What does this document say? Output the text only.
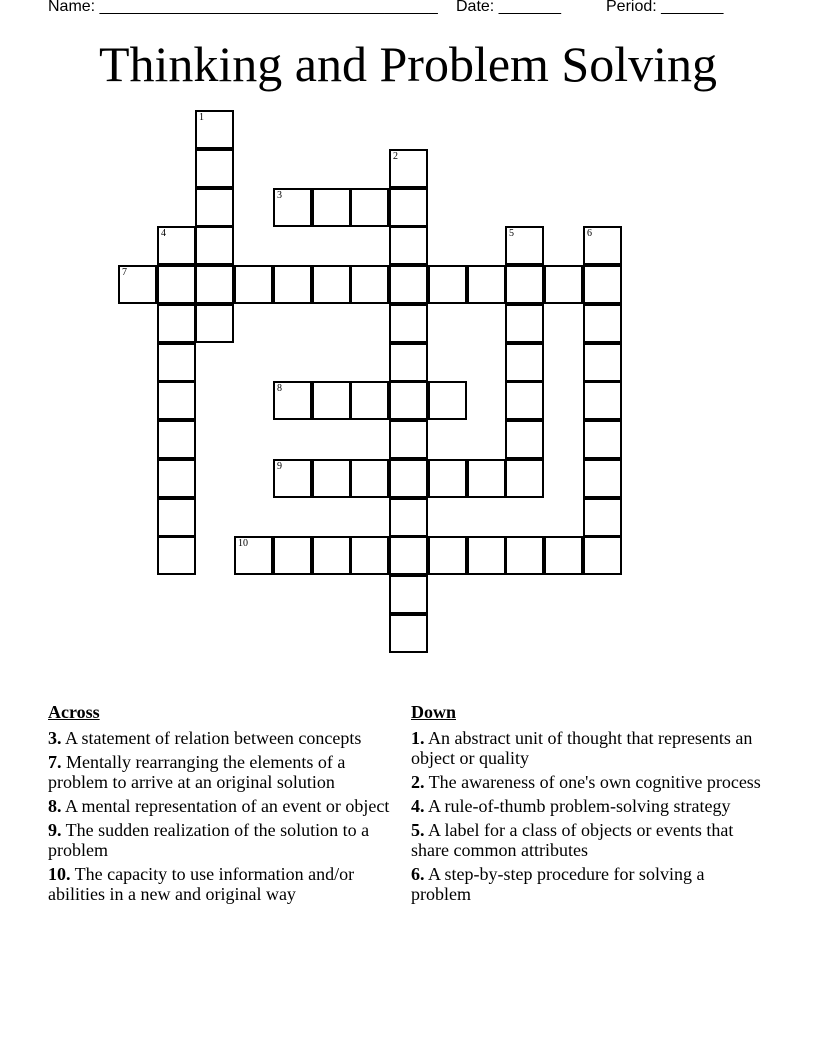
Name: ______________________________________ Date: _______	Period: _______
Thinking and Problem Solving
1
2
3
4	5	6
7
8
9
10
Across
3. A statement of relation between concepts
7. Mentally rearranging the elements of a problem to arrive at an original solution
8. A mental representation of an event or object
9. The sudden realization of the solution to a problem
10. The capacity to use information and/or abilities in a new and original way
Down
1. An abstract unit of thought that represents an object or quality
2. The awareness of one's own cognitive process
4. A rule-of-thumb problem-solving strategy
5. A label for a class of objects or events that share common attributes
6. A step-by-step procedure for solving a problem
